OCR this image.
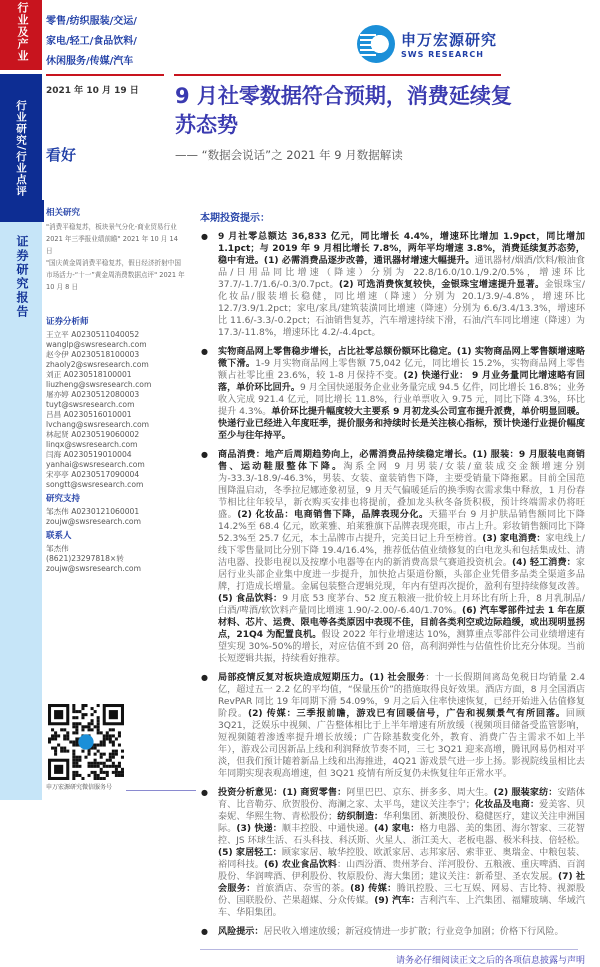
行业及产业
行业研究/行业点评
证券研究报告
零售/纺织服装/交运/
家电/轻工/食品饮料/
休闲服务/传媒/汽车
申万宏源研究
SWS RESEARCH
2021 年 10 月 19 日
看好
9 月社零数据符合预期，消费延续复苏态势
—— “数据会说话”之 2021 年 9 月数据解读
相关研究
"消费平稳复苏，板块景气分化-商业贸易行业 2021 年三季报业绩前瞻" 2021 年 10 月 14 日
"国庆黄金周消费平稳复苏，假日经济折射中国市场活力-“十一”黄金周消费数据点评" 2021 年 10 月 8 日
证券分析师
王立平 A0230511040052
wanglp@swsresearch.com
赵令伊 A0230518100003
zhaoly2@swsresearch.com
刘正 A0230518100001
liuzheng@swsresearch.com
屠亦婷 A0230512080003
tuyt@swsresearch.com
吕昌 A0230516010001
lvchang@swsresearch.com
林起贤 A0230519060002
linqx@swsresearch.com
闫海 A0230519010004
yanhai@swsresearch.com
宋亭亭 A0230517090004
songtt@swsresearch.com
研究支持
邹杰伟 A0230121060001
zoujw@swsresearch.com
联系人
邹杰伟
(8621)23297818×转
zoujw@swsresearch.com
申万宏源研究微信服务号
本期投资提示：
● 9 月社零总额达 36,833 亿元，同比增长 4.4%，增速环比增加 1.9pct，同比增加 1.1pct；与 2019 年 9 月相比增长 7.8%，两年平均增速 3.8%，消费延续复苏态势，稳中有进。(1) 必需消费品逐步改善，通讯器材增速大幅提升。通讯器材/烟酒/饮料/粮油食品/日用品同比增速（降速）分别为 22.8/16.0/10.1/9.2/0.5%，增速环比 37.7/-1.7/1.6/-0.3/0.7pct。(2) 可选消费恢复较快，金银珠宝增速提升显著。金银珠宝/化妆品/服装增长稳健，同比增速（降速）分别为 20.1/3.9/-4.8%，增速环比 12.7/3.9/1.2pct；家电/家具/建筑装潢同比增速（降速）分别为 6.6/3.4/13.3%，增速环比 11.6/-3.3/-0.2pct；石油销售复苏，汽车增速持续下滑，石油/汽车同比增速（降速）为 17.3/-11.8%，增速环比 4.2/-4.4pct。
● 实物商品网上零售稳步增长，占比社零总额份额环比稳定。(1) 实物商品网上零售额增速略微下滑。1-9 月实物商品网上零售额 75,042 亿元，同比增长 15.2%，实物商品网上零售额占社零比重 23.6%，较 1-8 月保持不变。(2) 快递行业： 9 月业务量同比增速略有回落，单价环比回升。9 月全国快递服务企业业务量完成 94.5 亿件，同比增长 16.8%；业务收入完成 921.4 亿元，同比增长 11.8%，行业单票收入 9.75 元，同比下降 4.3%，环比提升 4.3%。单价环比提升幅度较大主要系 9 月初龙头公司宣布提升派费，单价明显回暖。快递行业已经进入年度旺季，提价服务和持续时长是关注核心指标，预计快递行业提价幅度至少与往年持平。
● 商品消费：地产后周期趋势向上，必需消费品持续稳定增长。(1) 服装：9 月服装电商销售、运动鞋服整体下降。淘系全网 9 月男装/女装/童装成交金额增速分别为-33.3/-18.9/-46.3%，男装、女装、童装销售下降，主要受销量下降拖累。目前全国范围降温启动，冬季拉尼娜迹象初显，9 月天气偏暖延后的换季购衣需求集中释放，1 月份春节相比往年较早，新衣购买安排也将提前，叠加龙头秋冬备货积极，预计终端需求仍将旺盛。(2) 化妆品：电商销售下降，品牌表现分化。天猫平台 9 月护肤品销售额同比下降 14.2%至 68.4 亿元，欧莱雅、珀莱雅旗下品牌表现亮眼，市占上升。彩妆销售额同比下降 52.3%至 25.7 亿元，本土品牌市占提升，完美日记上升至榜首。(3) 家电消费：家电线上/线下零售量同比分别下降 19.4/16.4%，推荐低估值业绩修复的白电龙头和包括集成灶、清洁电器、投影电视以及按摩小电器等在内的新消费高景气赛道投资机会。(4) 轻工消费：家居行业头部企业集中度进一步提升，加快抢占渠道份额，头部企业凭借多品类全渠道多品牌，打造成长增量。金属包装整合逻辑兑现，年内有望再次提价，盈利有望持续修复改善。(5) 食品饮料：9 月底 53 度茅台、52 度五粮液一批价较上月环比有所上升，8 月乳制品/白酒/啤酒/软饮料产量同比增速 1.90/-2.00/-6.40/1.70%。(6) 汽车零部件过去 1 年在原材料、芯片、运费、限电等各类原因中表现不佳，目前各类利空或边际趋缓，或出现明显拐点，21Q4 为配置良机。假设 2022 年行业增速达 10%，测算重点零部件公司业绩增速有望实现 30%-50%的增长，对应估值不到 20 倍，高利润弹性与估值性价比充分体现。当前长短逻辑共振，持续看好推荐。
● 局部疫情反复对板块造成短期压力。(1) 社会服务：十一长假期间离岛免税日均销量 2.4 亿，超过五一 2.2 亿的平均值，“保量压价”的措施取得良好效果。酒店方面，8 月全国酒店 RevPAR 同比 19 年同期下滑 54.09%，9 月之后入住率快速恢复，已经开始进入估值修复阶段。(2) 传媒：三季报前瞻，游戏已有回暖信号，广告和视频景气有所回落。回顾 3Q21，泛娱乐中视频、广告整体相比于上半年增速有所放缓（视频项目储备受监管影响，短视频随着渗透率提升增长放缓；广告除基数变化外，教育、消费广告主需求不如上半年），游戏公司因新品上线和利润释放节奏不同，三七 3Q21 迎来高增，腾讯网易仍相对平淡，但我们预计随着新品上线和出海推进，4Q21 游戏景气进一步上扬。影视院线虽相比去年同期实现表观高增速，但 3Q21 疫情有所反复仍未恢复往年正常水平。
● 投资分析意见：(1) 商贸零售：阿里巴巴、京东、拼多多、周大生。(2) 服装家纺：安踏体育、比音勒芬、欣贺股份、海澜之家、太平鸟，建议关注李宁；化妆品及电商：爱美客、贝泰妮、华熙生物、青松股份；纺织制造：华利集团、新澳股份、稳健医疗，建议关注申洲国际。(3) 快递：顺丰控股、中通快递。(4) 家电：格力电器、美的集团、海尔智家、三花智控、JS 环球生活、石头科技、科沃斯、火星人、浙江美大、老板电器、极米科技、倍轻松。(5) 家居轻工：顾家家居、敏华控股、欧派家居、志邦家居、索菲亚、奥瑞金、中粮包装、裕同科技。(6) 农业食品饮料：山西汾酒、贵州茅台、洋河股份、五粮液、重庆啤酒、百润股份、华润啤酒、伊利股份、牧原股份、海大集团；建议关注：新希望、圣农发展。(7) 社会服务：首旅酒店、奈雪的茶。(8) 传媒：腾讯控股、三七互娱、网易、吉比特、视源股份、国联股份、芒果超媒、分众传媒。(9) 汽车：吉利汽车、上汽集团、福耀玻璃、华域汽车、华阳集团。
● 风险提示：居民收入增速放缓；新冠疫情进一步扩散；行业竞争加剧；价格下行风险。
请务必仔细阅读正文之后的各项信息披露与声明
